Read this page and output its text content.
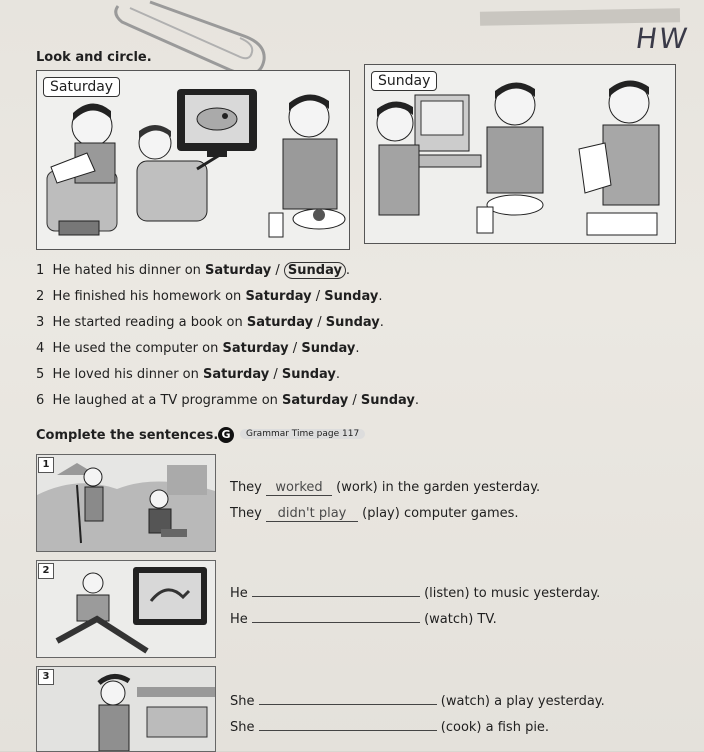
HW
Look and circle.
Saturday	Sunday
1 He hated his dinner on Saturday / Sunday .
2 He finished his homework on Saturday / Sunday.
3 He started reading a book on Saturday / Sunday.
4 He used the computer on Saturday / Sunday.
5 He loved his dinner on Saturday / Sunday.
6 He laughed at a TV programme on Saturday / Sunday.
Complete the sentences. G	Grammar Time page 117
1
They worked (work) in the garden yesterday.
They didn't play (play) computer games.
2
He	(listen) to music yesterday.
He	(watch) TV.
3
She	(watch) a play yesterday.
She	(cook) a fish pie.
